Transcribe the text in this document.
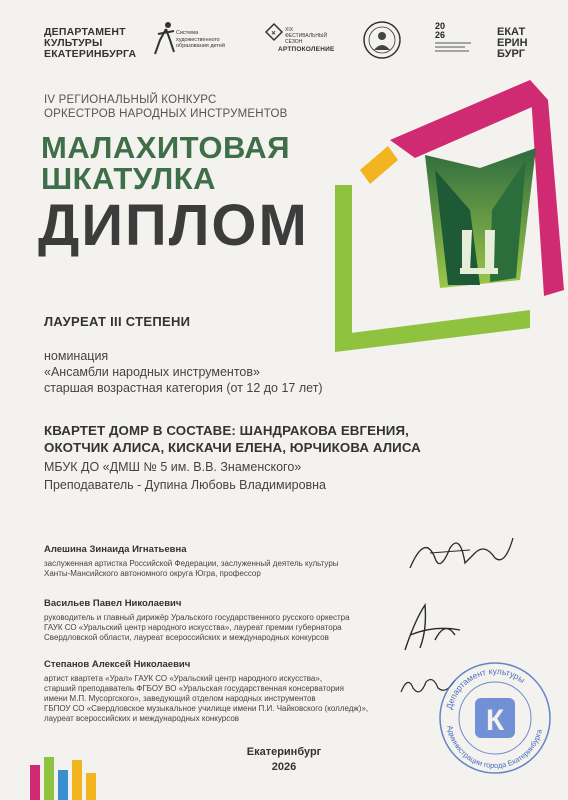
ДЕПАРТАМЕНТ
КУЛЬТУРЫ
ЕКАТЕРИНБУРГА
Система
художественного
образования детей
✕
XIX ФЕСТИВАЛЬНЫЙ СЕЗОН
АРТПОКОЛЕНИЕ
20
26	ЕКАТ
ЕРИН
БУРГ
IV РЕГИОНАЛЬНЫЙ КОНКУРС
ОРКЕСТРОВ НАРОДНЫХ ИНСТРУМЕНТОВ
МАЛАХИТОВАЯ
ШКАТУЛКА
ДИПЛОМ
ЛАУРЕАТ III СТЕПЕНИ
номинация
«Ансамбли народных инструментов»
старшая возрастная категория (от 12 до 17 лет)
КВАРТЕТ ДОМР В СОСТАВЕ: ШАНДРАКОВА ЕВГЕНИЯ,
ОКОТЧИК АЛИСА, КИСКАЧИ ЕЛЕНА, ЮРЧИКОВА АЛИСА
МБУК ДО «ДМШ № 5 им. В.В. Знаменского»
Преподаватель - Дупина Любовь Владимировна
Алешина Зинаида Игнатьевна
заслуженная артистка Российской Федерации, заслуженный деятель культуры
Ханты-Мансийского автономного округа Югра, профессор
Васильев Павел Николаевич
руководитель и главный дирижёр Уральского государственного русского оркестра
ГАУК СО «Уральский центр народного искусства», лауреат премии губернатора
Свердловской области, лауреат всероссийских и международных конкурсов
Степанов Алексей Николаевич
артист квартета «Урал» ГАУК СО «Уральский центр народного искусства»,
старший преподаватель ФГБОУ ВО «Уральская государственная консерватория
имени М.П. Мусоргского», заведующий отделом народных инструментов
ГБПОУ СО «Свердловское музыкальное училище имени П.И. Чайковского (колледж)»,
лауреат всероссийских и международных конкурсов
Департамент культуры
Администрации города Екатеринбурга
К
Екатеринбург
2026
